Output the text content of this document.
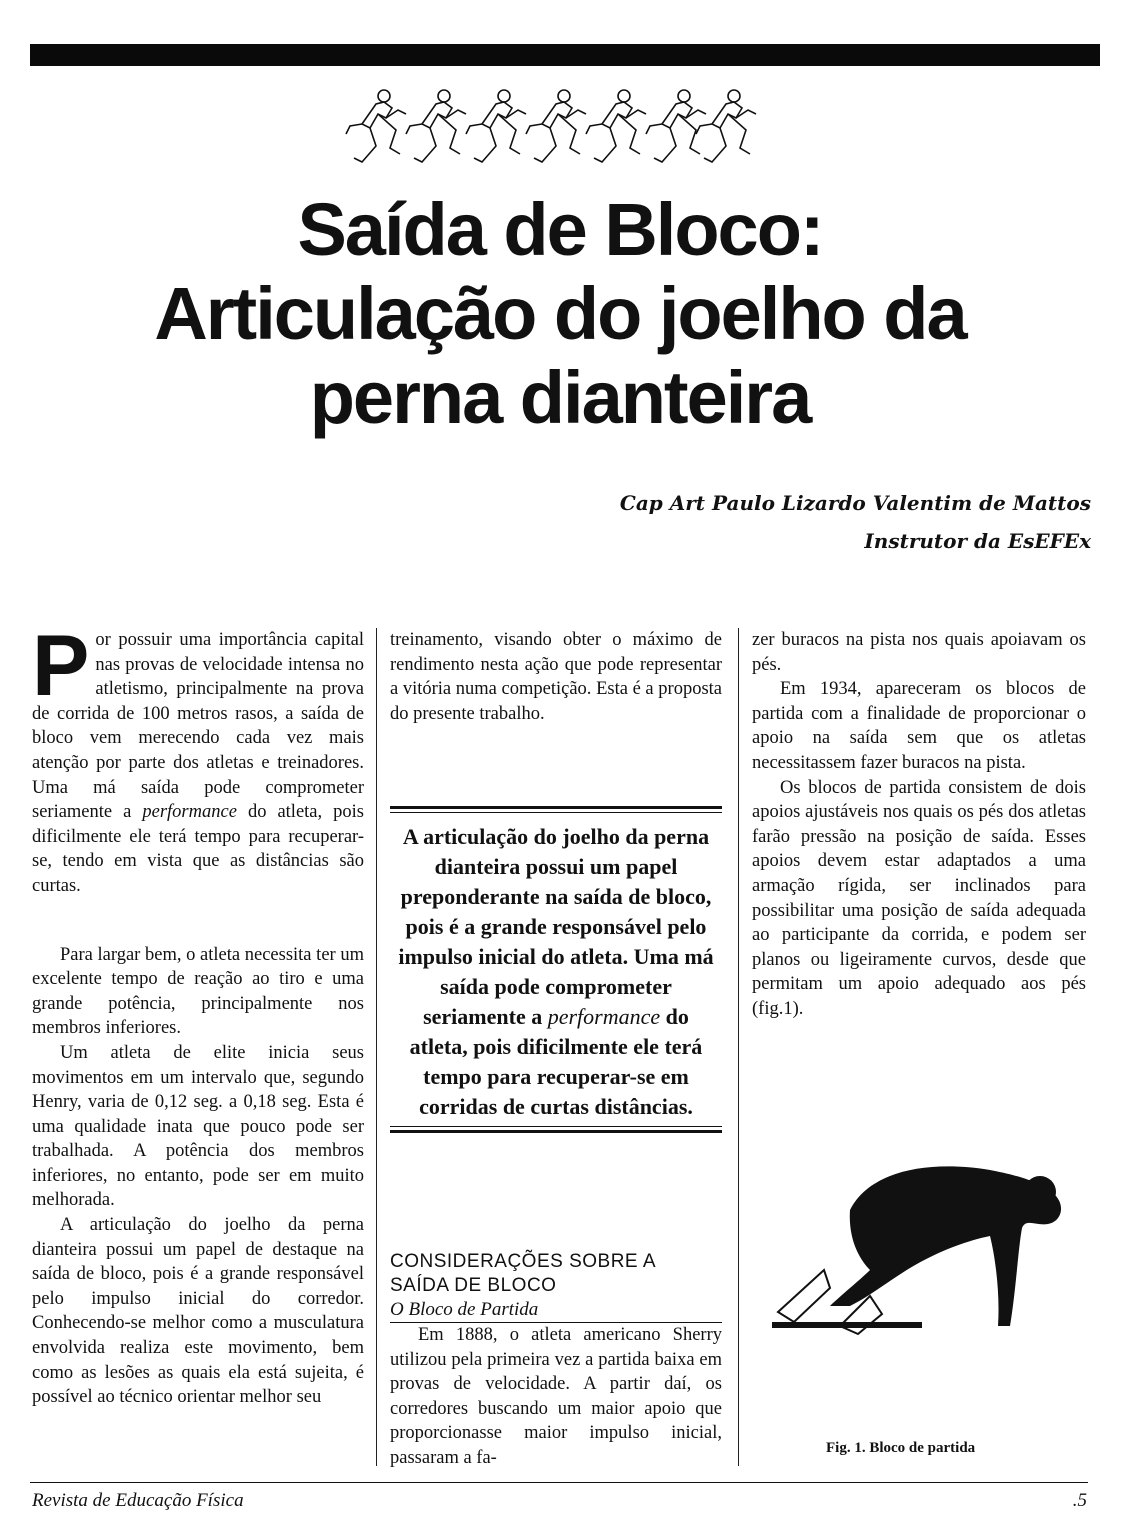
Saída de Bloco:
Articulação do joelho da
perna dianteira
Cap Art Paulo Lizardo Valentim de Mattos
Instrutor da EsEFEx

Por possuir uma importância capital nas provas de velocidade intensa no atletismo, principalmente na prova de corrida de 100 metros rasos, a saída de bloco vem merecendo cada vez mais atenção por parte dos atletas e treinadores. Uma má saída pode comprometer seriamente a performance do atleta, pois dificilmente ele terá tempo para recuperar-se, tendo em vista que as distâncias são curtas.

Para largar bem, o atleta necessita ter um excelente tempo de reação ao tiro e uma grande potência, principalmente nos membros inferiores.

Um atleta de elite inicia seus movimentos em um intervalo que, segundo Henry, varia de 0,12 seg. a 0,18 seg. Esta é uma qualidade inata que pouco pode ser trabalhada. A potência dos membros inferiores, no entanto, pode ser em muito melhorada.

A articulação do joelho da perna dianteira possui um papel de destaque na saída de bloco, pois é a grande responsável pelo impulso inicial do corredor. Conhecendo-se melhor como a musculatura envolvida realiza este movimento, bem como as lesões as quais ela está sujeita, é possível ao técnico orientar melhor seu

treinamento, visando obter o máximo de rendimento nesta ação que pode representar a vitória numa competição. Esta é a proposta do presente trabalho.

A articulação do joelho da perna dianteira possui um papel preponderante na saída de bloco, pois é a grande responsável pelo impulso inicial do atleta. Uma má saída pode comprometer seriamente a performance do atleta, pois dificilmente ele terá tempo para recuperar-se em corridas de curtas distâncias.
CONSIDERAÇÕES SOBRE A
SAÍDA DE BLOCO
O Bloco de Partida

Em 1888, o atleta americano Sherry utilizou pela primeira vez a partida baixa em provas de velocidade. A partir daí, os corredores buscando um maior apoio que proporcionasse maior impulso inicial, passaram a fa-

zer buracos na pista nos quais apoiavam os pés.

Em 1934, apareceram os blocos de partida com a finalidade de proporcionar o apoio na saída sem que os atletas necessitassem fazer buracos na pista.

Os blocos de partida consistem de dois apoios ajustáveis nos quais os pés dos atletas farão pressão na posição de saída. Esses apoios devem estar adaptados a uma armação rígida, ser inclinados para possibilitar uma posição de saída adequada ao participante da corrida, e podem ser planos ou ligeiramente curvos, desde que permitam um apoio adequado aos pés (fig.1).

Fig. 1. Bloco de partida
Revista de Educação Física	.5
